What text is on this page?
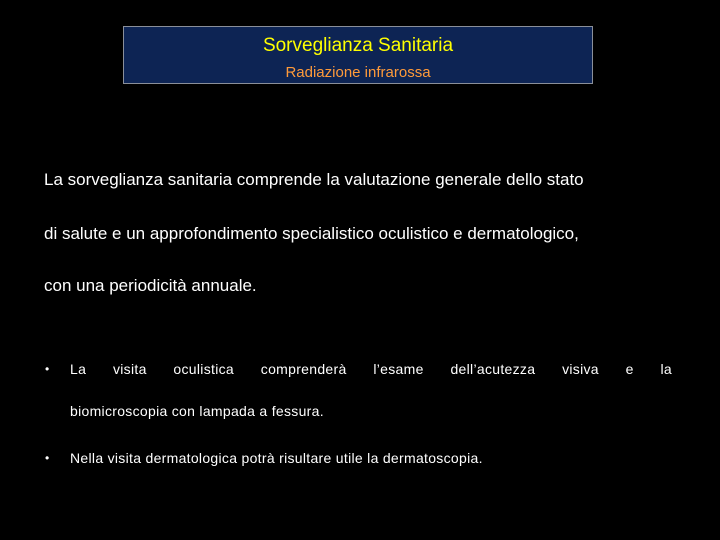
Sorveglianza Sanitaria
Radiazione infrarossa
La sorveglianza sanitaria comprende la valutazione generale dello stato
di salute e un approfondimento specialistico oculistico e dermatologico,
con una periodicità annuale.
• La visita oculistica comprenderà l’esame dell’acutezza visiva e la
biomicroscopia con lampada a fessura.
• Nella visita dermatologica potrà risultare utile la dermatoscopia.
